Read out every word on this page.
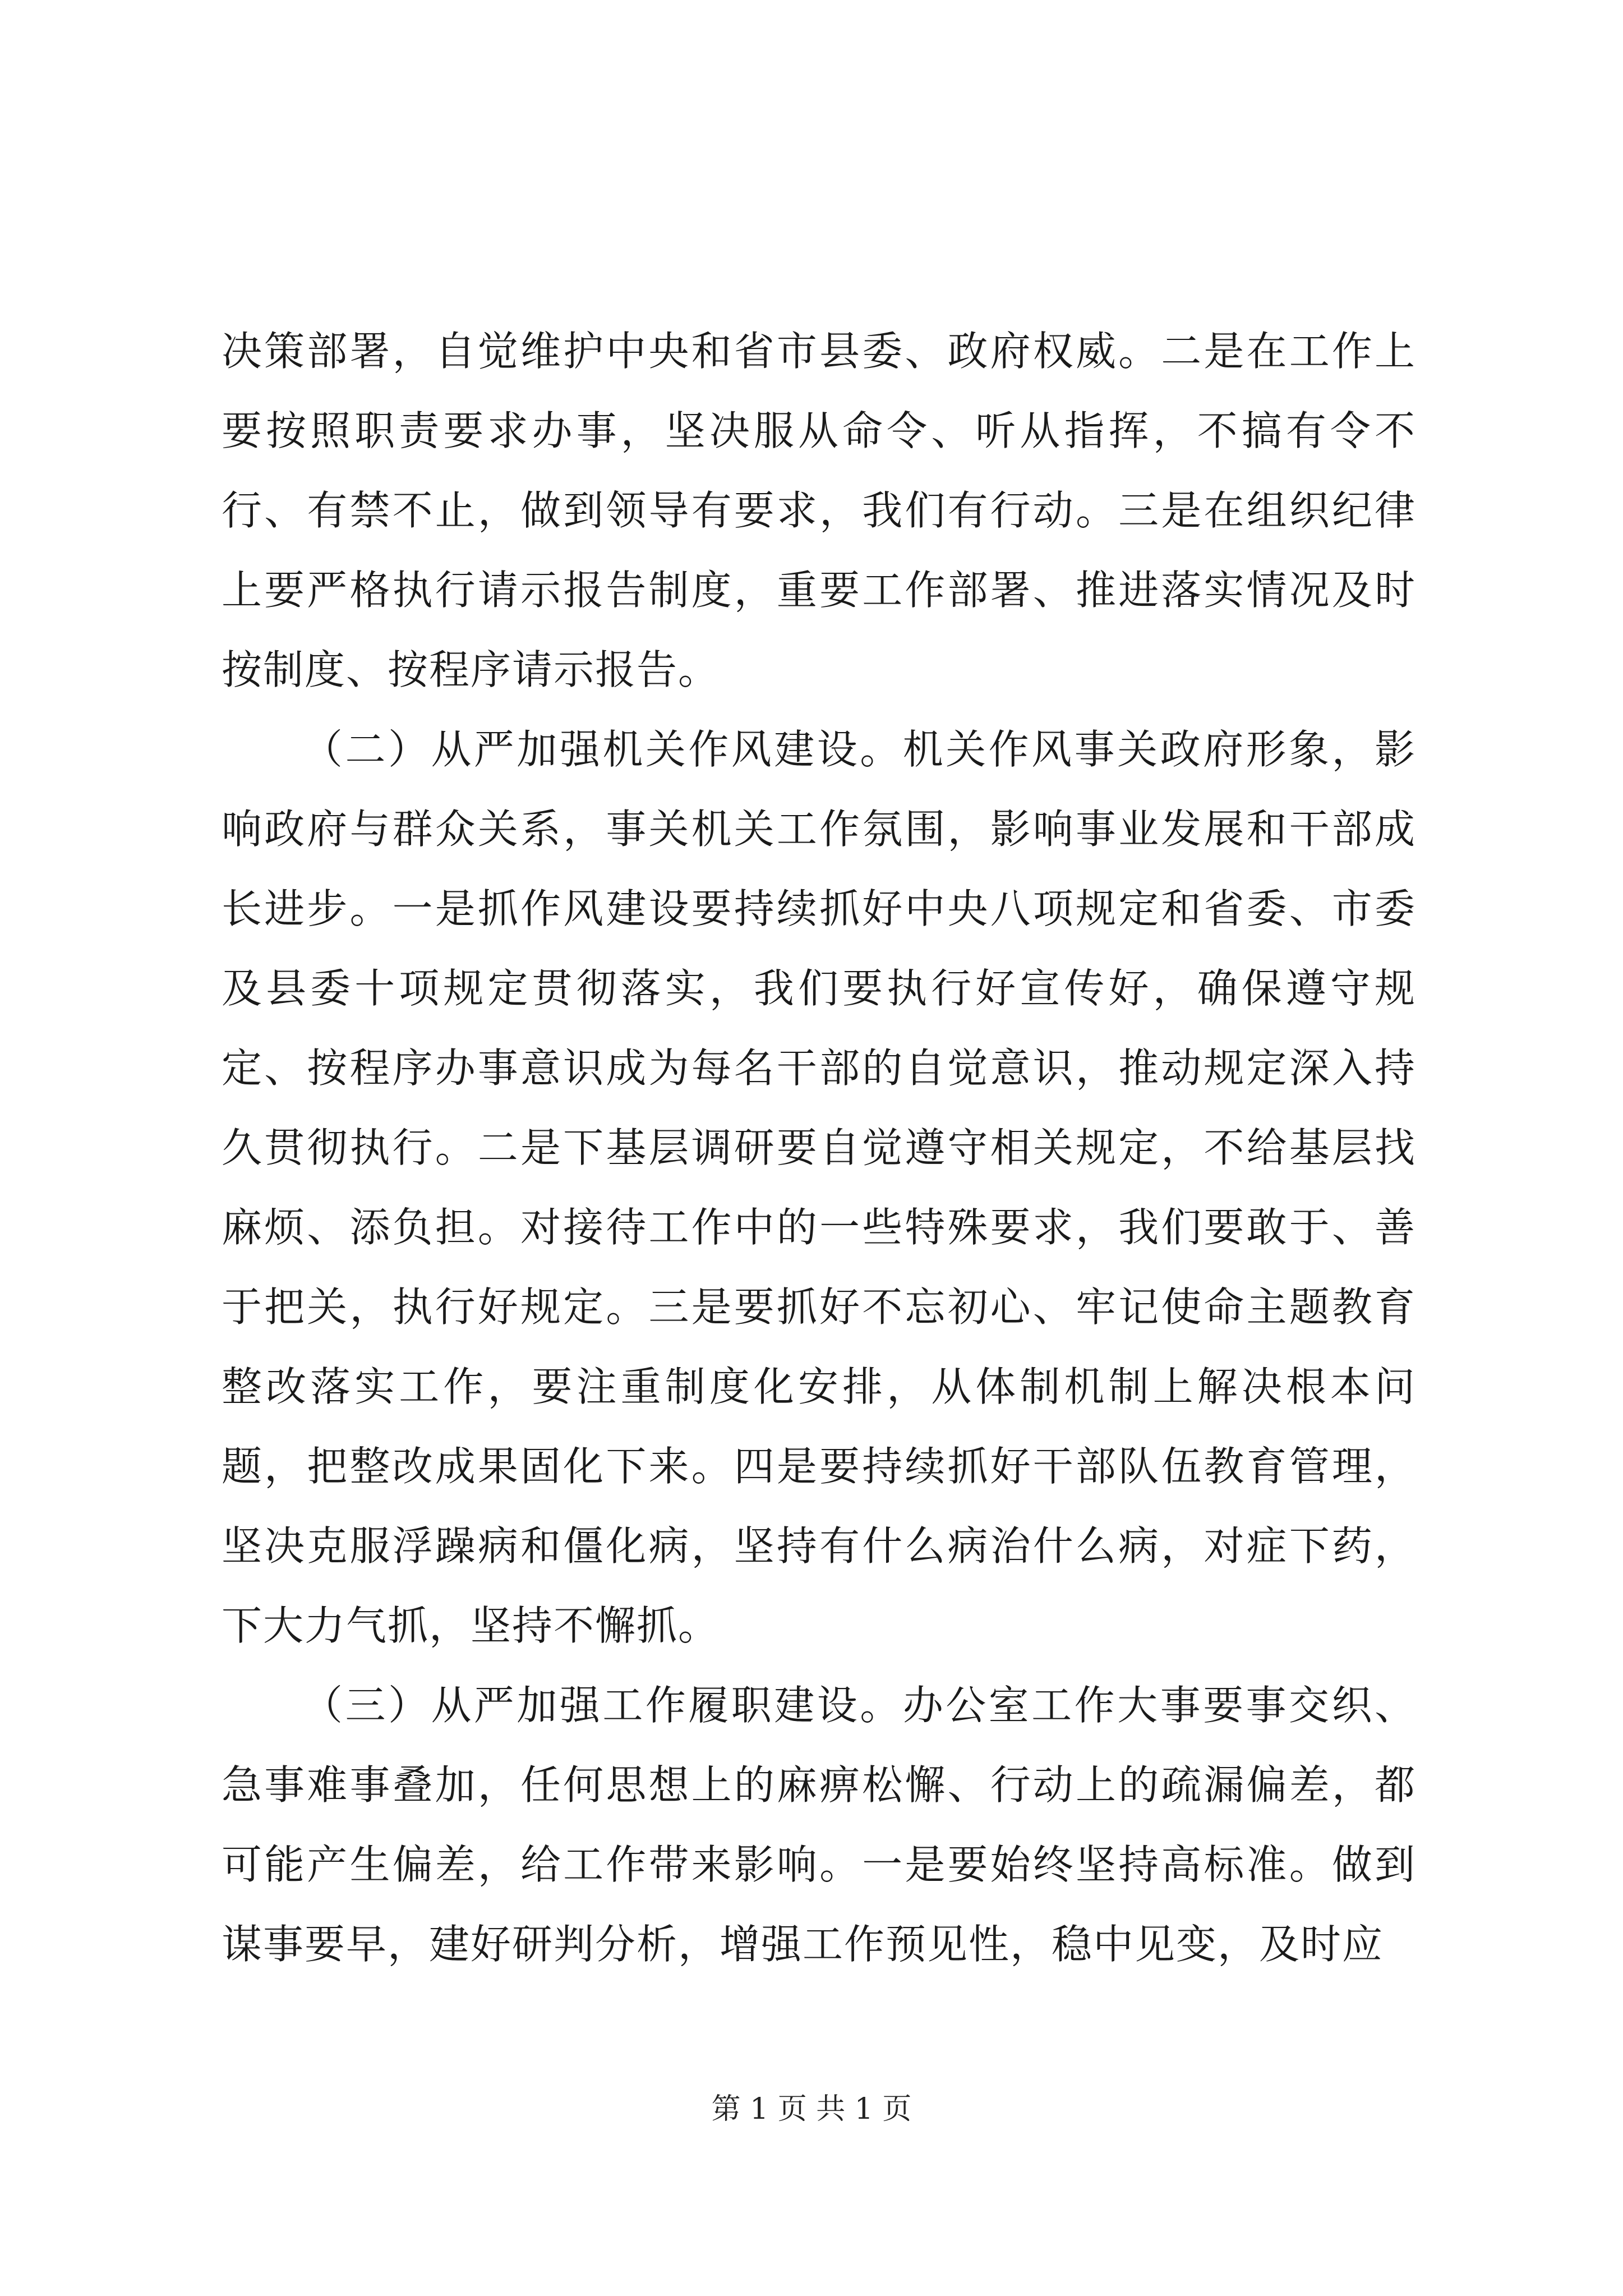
决策部署，自觉维护中央和省市县委、政府权威。二是在工作上要按照职责要求办事，坚决服从命令、听从指挥，不搞有令不行、有禁不止，做到领导有要求，我们有行动。三是在组织纪律上要严格执行请示报告制度，重要工作部署、推进落实情况及时按制度、按程序请示报告。

（二）从严加强机关作风建设。机关作风事关政府形象，影响政府与群众关系，事关机关工作氛围，影响事业发展和干部成长进步。一是抓作风建设要持续抓好中央八项规定和省委、市委及县委十项规定贯彻落实，我们要执行好宣传好，确保遵守规定、按程序办事意识成为每名干部的自觉意识，推动规定深入持久贯彻执行。二是下基层调研要自觉遵守相关规定，不给基层找麻烦、添负担。对接待工作中的一些特殊要求，我们要敢于、善于把关，执行好规定。三是要抓好不忘初心、牢记使命主题教育整改落实工作，要注重制度化安排，从体制机制上解决根本问题，把整改成果固化下来。四是要持续抓好干部队伍教育管理，坚决克服浮躁病和僵化病，坚持有什么病治什么病，对症下药，下大力气抓，坚持不懈抓。

（三）从严加强工作履职建设。办公室工作大事要事交织、急事难事叠加，任何思想上的麻痹松懈、行动上的疏漏偏差，都可能产生偏差，给工作带来影响。一是要始终坚持高标准。做到谋事要早，建好研判分析，增强工作预见性，稳中见变，及时应

第 1 页 共 1 页
